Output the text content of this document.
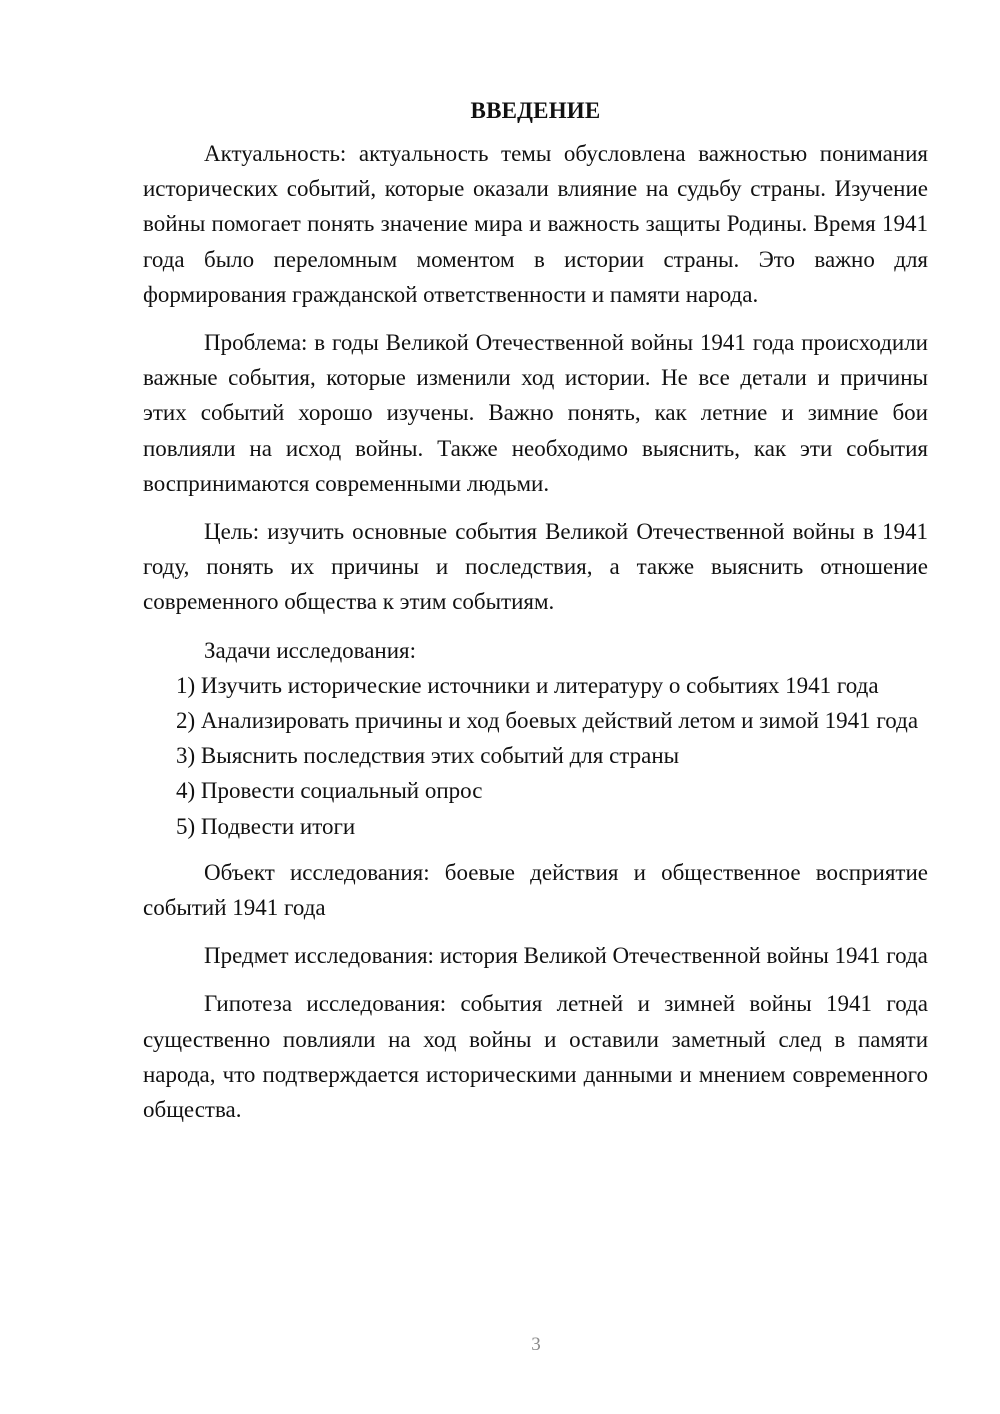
ВВЕДЕНИЕ

Актуальность: актуальность темы обусловлена важностью понимания исторических событий, которые оказали влияние на судьбу страны. Изучение войны помогает понять значение мира и важность защиты Родины. Время 1941 года было переломным моментом в истории страны. Это важно для формирования гражданской ответственности и памяти народа.

Проблема: в годы Великой Отечественной войны 1941 года происходили важные события, которые изменили ход истории. Не все детали и причины этих событий хорошо изучены. Важно понять, как летние и зимние бои повлияли на исход войны. Также необходимо выяснить, как эти события воспринимаются современными людьми.

Цель: изучить основные события Великой Отечественной войны в 1941 году, понять их причины и последствия, а также выяснить отношение современного общества к этим событиям.

Задачи исследования:

1) Изучить исторические источники и литературу о событиях 1941 года

2) Анализировать причины и ход боевых действий летом и зимой 1941 года

3) Выяснить последствия этих событий для страны

4) Провести социальный опрос

5) Подвести итоги

Объект исследования: боевые действия и общественное восприятие событий 1941 года

Предмет исследования: история Великой Отечественной войны 1941 года

Гипотеза исследования: события летней и зимней войны 1941 года существенно повлияли на ход войны и оставили заметный след в памяти народа, что подтверждается историческими данными и мнением современного общества.

3
